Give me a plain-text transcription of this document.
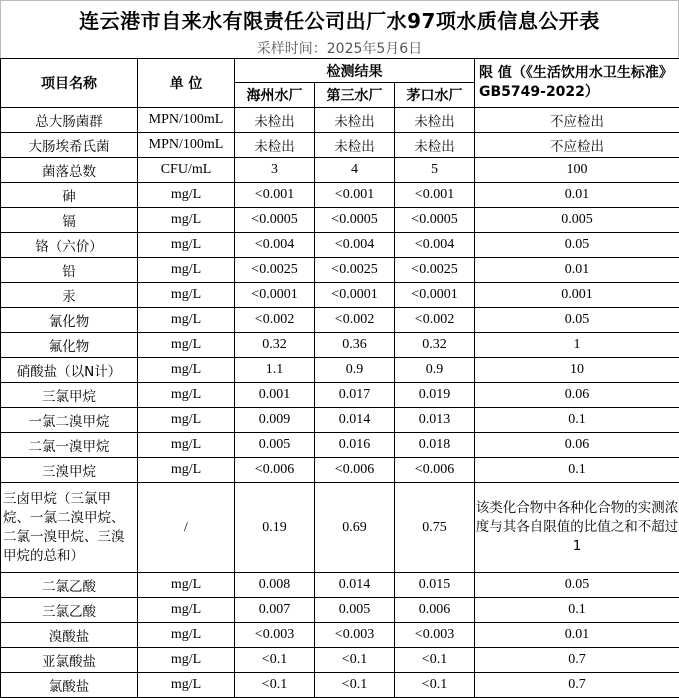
连云港市自来水有限责任公司出厂水97项水质信息公开表
采样时间：2025年5月6日
项目名称	单 位	检测结果			限 值（《生活饮用水卫生标准》GB5749-2022）
		海州水厂	第三水厂	茅口水厂	
总大肠菌群	MPN/100mL	未检出	未检出	未检出	不应检出
大肠埃希氏菌	MPN/100mL	未检出	未检出	未检出	不应检出
菌落总数	CFU/mL	3	4	5	100
砷	mg/L	<0.001	<0.001	<0.001	0.01
镉	mg/L	<0.0005	<0.0005	<0.0005	0.005
铬（六价）	mg/L	<0.004	<0.004	<0.004	0.05
铅	mg/L	<0.0025	<0.0025	<0.0025	0.01
汞	mg/L	<0.0001	<0.0001	<0.0001	0.001
氰化物	mg/L	<0.002	<0.002	<0.002	0.05
氟化物	mg/L	0.32	0.36	0.32	1
硝酸盐（以N计）	mg/L	1.1	0.9	0.9	10
三氯甲烷	mg/L	0.001	0.017	0.019	0.06
一氯二溴甲烷	mg/L	0.009	0.014	0.013	0.1
二氯一溴甲烷	mg/L	0.005	0.016	0.018	0.06
三溴甲烷	mg/L	<0.006	<0.006	<0.006	0.1
三卤甲烷（三氯甲烷、一氯二溴甲烷、二氯一溴甲烷、三溴甲烷的总和）	/	0.19	0.69	0.75	该类化合物中各种化合物的实测浓度与其各自限值的比值之和不超过1
二氯乙酸	mg/L	0.008	0.014	0.015	0.05
三氯乙酸	mg/L	0.007	0.005	0.006	0.1
溴酸盐	mg/L	<0.003	<0.003	<0.003	0.01
亚氯酸盐	mg/L	<0.1	<0.1	<0.1	0.7
氯酸盐	mg/L	<0.1	<0.1	<0.1	0.7
